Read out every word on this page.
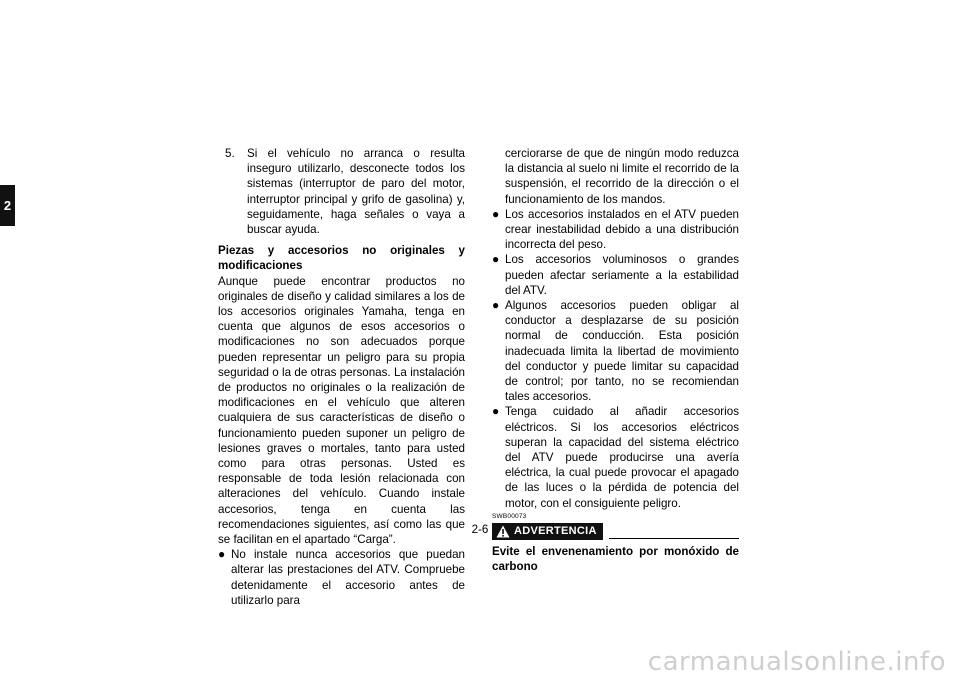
2
5.	Si el vehículo no arranca o resulta inseguro utilizarlo, desconecte todos los sistemas (interruptor de paro del motor, interruptor principal y grifo de gasolina) y, seguidamente, haga señales o vaya a buscar ayuda.

Piezas y accesorios no originales y modificaciones

Aunque puede encontrar productos no originales de diseño y calidad similares a los de los accesorios originales Yamaha, tenga en cuenta que algunos de esos accesorios o modificaciones no son adecuados porque pueden representar un peligro para su propia seguridad o la de otras personas. La instalación de productos no originales o la realización de modificaciones en el vehículo que alteren cualquiera de sus características de diseño o funcionamiento pueden suponer un peligro de lesiones graves o mortales, tanto para usted como para otras personas. Usted es responsable de toda lesión relacionada con alteraciones del vehículo. Cuando instale accesorios, tenga en cuenta las recomendaciones siguientes, así como las que se facilitan en el apartado “Carga”.

● No instale nunca accesorios que puedan alterar las prestaciones del ATV. Compruebe detenidamente el accesorio antes de utilizarlo para

cerciorarse de que de ningún modo reduzca la distancia al suelo ni limite el recorrido de la suspensión, el recorrido de la dirección o el funcionamiento de los mandos.

● Los accesorios instalados en el ATV pueden crear inestabilidad debido a una distribución incorrecta del peso.
● Los accesorios voluminosos o grandes pueden afectar seriamente a la estabilidad del ATV.
● Algunos accesorios pueden obligar al conductor a desplazarse de su posición normal de conducción. Esta posición inadecuada limita la libertad de movimiento del conductor y puede limitar su capacidad de control; por tanto, no se recomiendan tales accesorios.
● Tenga cuidado al añadir accesorios eléctricos. Si los accesorios eléctricos superan la capacidad del sistema eléctrico del ATV puede producirse una avería eléctrica, la cual puede provocar el apagado de las luces o la pérdida de potencia del motor, con el consiguiente peligro.
SWB00073
ADVERTENCIA

Evite el envenenamiento por monóxido de carbono

2-6
carmanualsonline.info
